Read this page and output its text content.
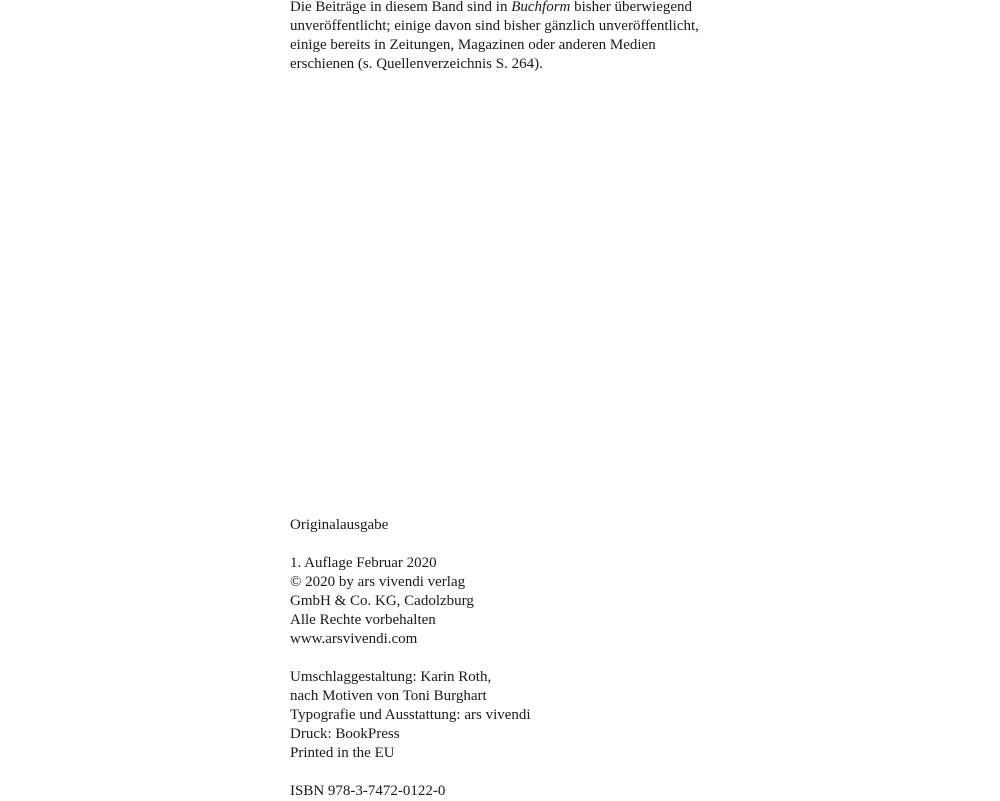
Die Beiträge in diesem Band sind in Buchform bisher überwiegend
unveröffentlicht; einige davon sind bisher gänzlich unveröffentlicht,
einige bereits in Zeitungen, Magazinen oder anderen Medien
erschienen (s. Quellenverzeichnis S. 264).

Originalausgabe
1. Auflage Februar 2020
© 2020 by ars vivendi verlag
GmbH & Co. KG, Cadolzburg
Alle Rechte vorbehalten
www.arsvivendi.com
Umschlaggestaltung: Karin Roth,
nach Motiven von Toni Burghart
Typografie und Ausstattung: ars vivendi
Druck: BookPress
Printed in the EU
ISBN 978-3-7472-0122-0
